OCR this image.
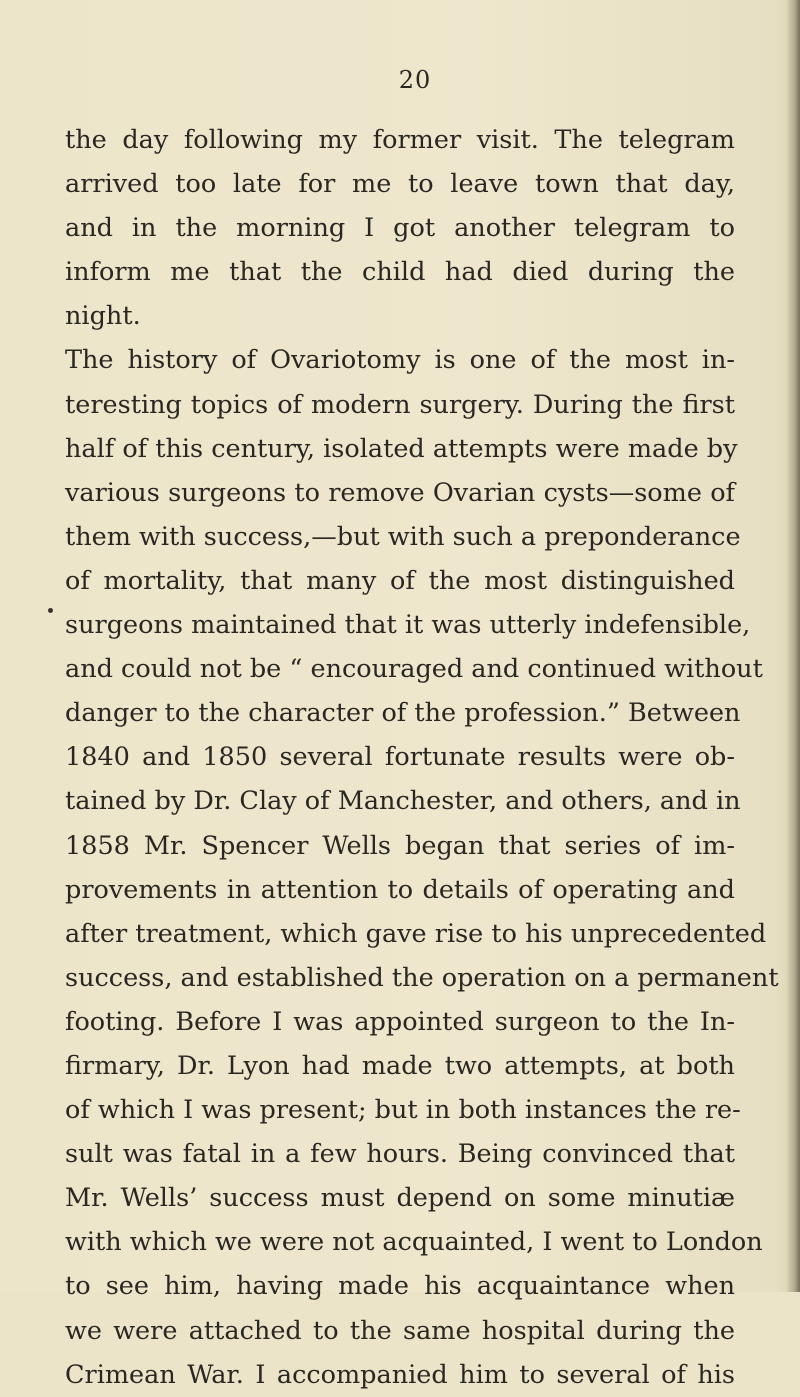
20
the day following my former visit. The telegram
arrived too late for me to leave town that day,
and in the morning I got another telegram to
inform me that the child had died during the
night.
The history of Ovariotomy is one of the most in-
teresting topics of modern surgery. During the first
half of this century, isolated attempts were made by
various surgeons to remove Ovarian cysts—some of
them with success,—but with such a preponderance
of mortality, that many of the most distinguished
surgeons maintained that it was utterly indefensible,
and could not be “ encouraged and continued without
danger to the character of the profession.” Between
1840 and 1850 several fortunate results were ob-
tained by Dr. Clay of Manchester, and others, and in
1858 Mr. Spencer Wells began that series of im-
provements in attention to details of operating and
after treatment, which gave rise to his unprecedented
success, and established the operation on a permanent
footing. Before I was appointed surgeon to the In-
firmary, Dr. Lyon had made two attempts, at both
of which I was present; but in both instances the re-
sult was fatal in a few hours. Being convinced that
Mr. Wells’ success must depend on some minutiæ
with which we were not acquainted, I went to London
to see him, having made his acquaintance when
we were attached to the same hospital during the
Crimean War. I accompanied him to several of his
